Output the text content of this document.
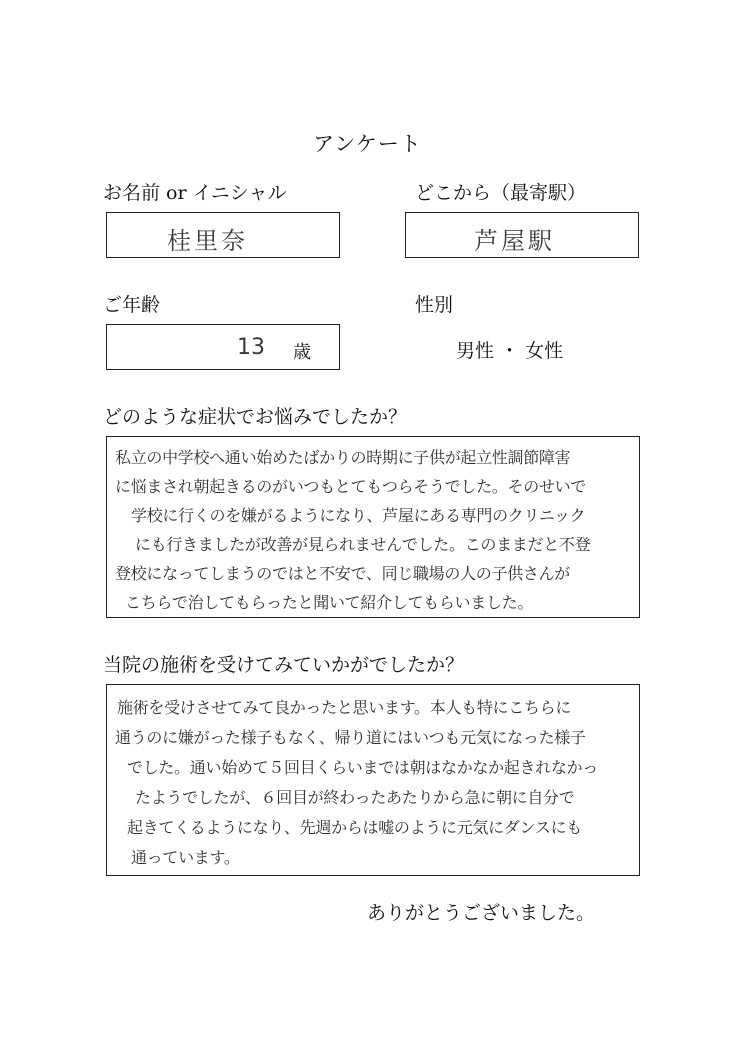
アンケート
お名前 or イニシャル
桂里奈
どこから（最寄駅）
芦屋駅
ご年齢
13 歳
性別
男性 ・ 女性
どのような症状でお悩みでしたか？
私立の中学校へ通い始めたばかりの時期に子供が起立性調節障害
に悩まされ朝起きるのがいつもとてもつらそうでした。そのせいで
学校に行くのを嫌がるようになり、芦屋にある専門のクリニック
にも行きましたが改善が見られませんでした。このままだと不登
登校になってしまうのではと不安で、同じ職場の人の子供さんが
こちらで治してもらったと聞いて紹介してもらいました。
当院の施術を受けてみていかがでしたか？
施術を受けさせてみて良かったと思います。本人も特にこちらに
通うのに嫌がった様子もなく、帰り道にはいつも元気になった様子
でした。通い始めて５回目くらいまでは朝はなかなか起きれなかっ
たようでしたが、６回目が終わったあたりから急に朝に自分で
起きてくるようになり、先週からは嘘のように元気にダンスにも
通っています。
ありがとうございました。
